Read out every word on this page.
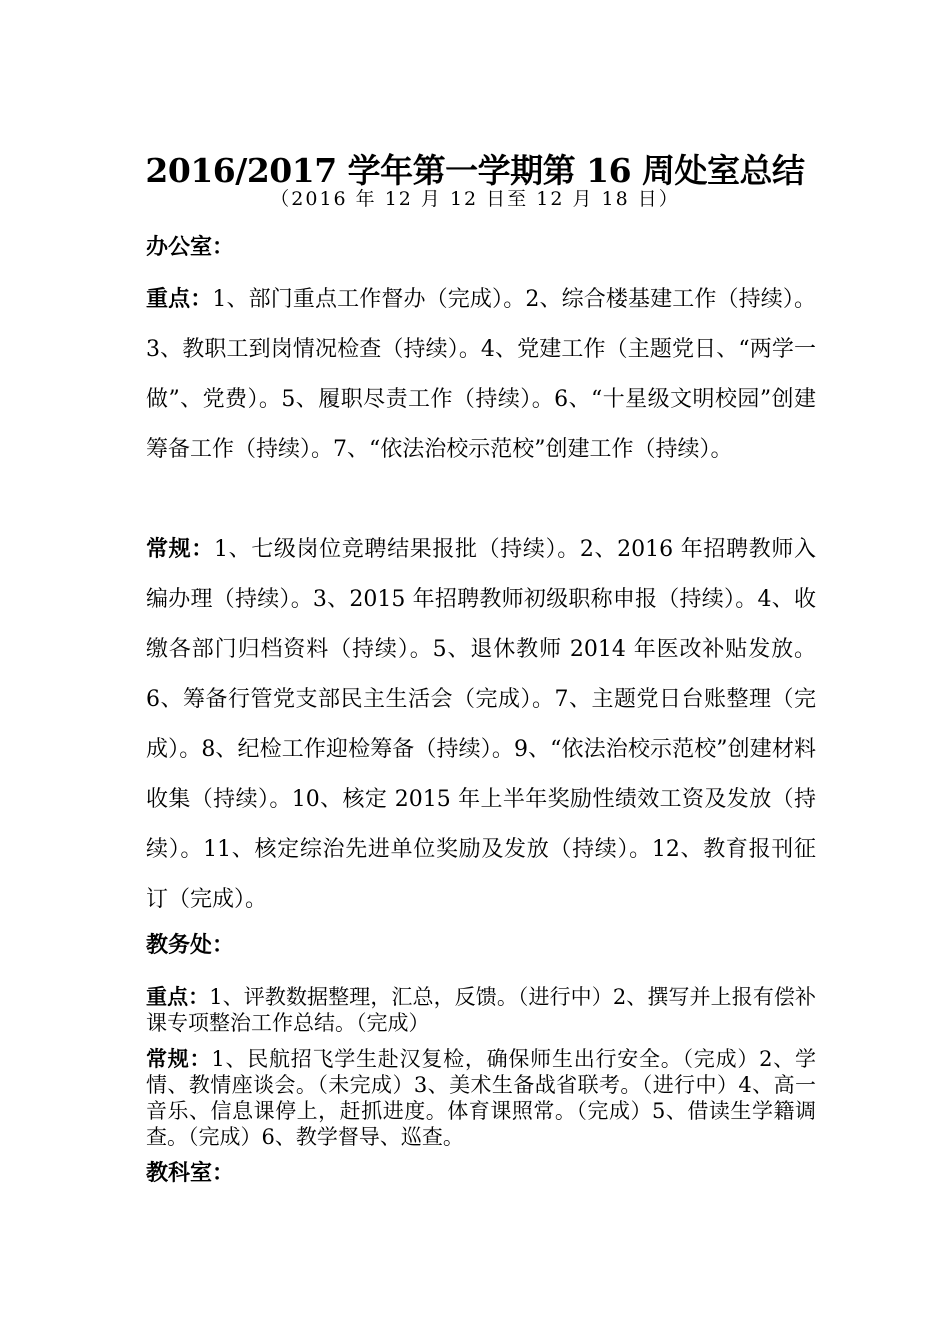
2016/2017 学年第一学期第 16 周处室总结
（2016 年 12 月 12 日至 12 月 18 日）
办公室：

重点：1、部门重点工作督办（完成）。2、综合楼基建工作（持续）。3、教职工到岗情况检查（持续）。4、党建工作（主题党日、“两学一做”、党费）。5、履职尽责工作（持续）。6、“十星级文明校园”创建筹备工作（持续）。7、“依法治校示范校”创建工作（持续）。

常规：1、七级岗位竞聘结果报批（持续）。2、2016 年招聘教师入编办理（持续）。3、2015 年招聘教师初级职称申报（持续）。4、收缴各部门归档资料（持续）。5、退休教师 2014 年医改补贴发放。6、筹备行管党支部民主生活会（完成）。7、主题党日台账整理（完成）。8、纪检工作迎检筹备（持续）。9、“依法治校示范校”创建材料收集（持续）。10、核定 2015 年上半年奖励性绩效工资及发放（持续）。11、核定综治先进单位奖励及发放（持续）。12、教育报刊征订（完成）。

教务处：

重点：1、评教数据整理，汇总，反馈。（进行中）2、撰写并上报有偿补课专项整治工作总结。（完成）

常规：1、民航招飞学生赴汉复检，确保师生出行安全。（完成）2、学情、教情座谈会。（未完成）3、美术生备战省联考。（进行中）4、高一音乐、信息课停上，赶抓进度。体育课照常。（完成）5、借读生学籍调查。（完成）6、教学督导、巡查。

教科室：
